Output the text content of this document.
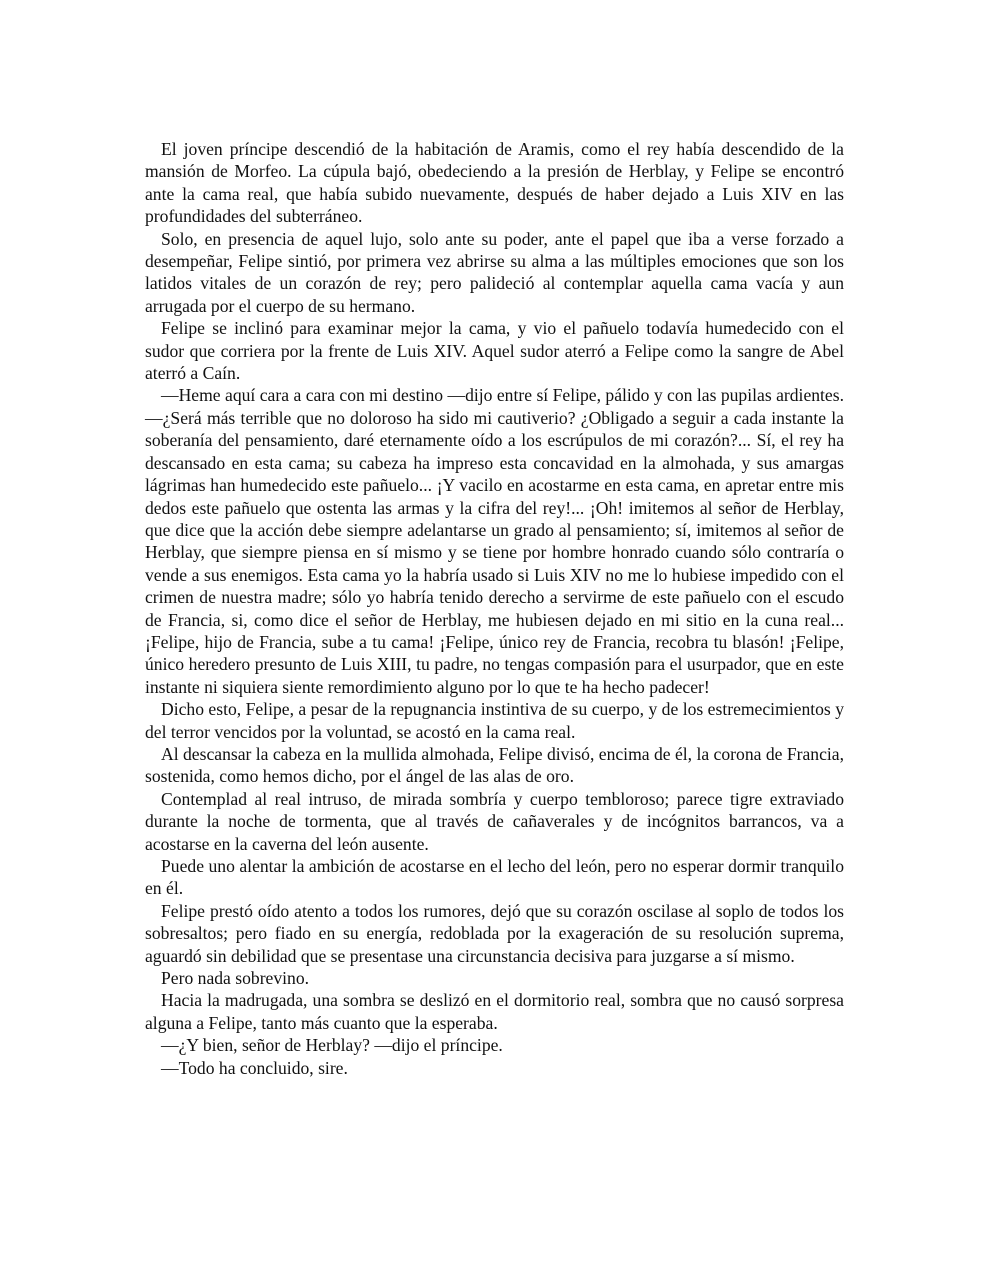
El joven príncipe descendió de la habitación de Aramis, como el rey había descendido de la mansión de Morfeo. La cúpula bajó, obedeciendo a la presión de Herblay, y Felipe se encontró ante la cama real, que había subido nuevamente, después de haber dejado a Luis XIV en las profundidades del subterráneo.

Solo, en presencia de aquel lujo, solo ante su poder, ante el papel que iba a verse forzado a desempeñar, Felipe sintió, por primera vez abrirse su alma a las múltiples emociones que son los latidos vitales de un corazón de rey; pero palideció al contemplar aquella cama vacía y aun arrugada por el cuerpo de su hermano.

Felipe se inclinó para examinar mejor la cama, y vio el pañuelo todavía humedecido con el sudor que corriera por la frente de Luis XIV. Aquel sudor aterró a Felipe como la sangre de Abel aterró a Caín.

—Heme aquí cara a cara con mi destino —dijo entre sí Felipe, pálido y con las pupilas ardientes. —¿Será más terrible que no doloroso ha sido mi cautiverio? ¿Obligado a seguir a cada instante la soberanía del pensamiento, daré eternamente oído a los escrúpulos de mi corazón?... Sí, el rey ha descansado en esta cama; su cabeza ha impreso esta concavidad en la almohada, y sus amargas lágrimas han humedecido este pañuelo... ¡Y vacilo en acostarme en esta cama, en apretar entre mis dedos este pañuelo que ostenta las armas y la cifra del rey!... ¡Oh! imitemos al señor de Herblay, que dice que la acción debe siempre adelantarse un grado al pensamiento; sí, imitemos al señor de Herblay, que siempre piensa en sí mismo y se tiene por hombre honrado cuando sólo contraría o vende a sus enemigos. Esta cama yo la habría usado si Luis XIV no me lo hubiese impedido con el crimen de nuestra madre; sólo yo habría tenido derecho a servirme de este pañuelo con el escudo de Francia, si, como dice el señor de Herblay, me hubiesen dejado en mi sitio en la cuna real... ¡Felipe, hijo de Francia, sube a tu cama! ¡Felipe, único rey de Francia, recobra tu blasón! ¡Felipe, único heredero presunto de Luis XIII, tu padre, no tengas compasión para el usurpador, que en este instante ni siquiera siente remordimiento alguno por lo que te ha hecho padecer!

Dicho esto, Felipe, a pesar de la repugnancia instintiva de su cuerpo, y de los estremecimientos y del terror vencidos por la voluntad, se acostó en la cama real.

Al descansar la cabeza en la mullida almohada, Felipe divisó, encima de él, la corona de Francia, sostenida, como hemos dicho, por el ángel de las alas de oro.

Contemplad al real intruso, de mirada sombría y cuerpo tembloroso; parece tigre extraviado durante la noche de tormenta, que al través de cañaverales y de incógnitos barrancos, va a acostarse en la caverna del león ausente.

Puede uno alentar la ambición de acostarse en el lecho del león, pero no esperar dormir tranquilo en él.

Felipe prestó oído atento a todos los rumores, dejó que su corazón oscilase al soplo de todos los sobresaltos; pero fiado en su energía, redoblada por la exageración de su resolución suprema, aguardó sin debilidad que se presentase una circunstancia decisiva para juzgarse a sí mismo.

Pero nada sobrevino.

Hacia la madrugada, una sombra se deslizó en el dormitorio real, sombra que no causó sorpresa alguna a Felipe, tanto más cuanto que la esperaba.

—¿Y bien, señor de Herblay? —dijo el príncipe.

—Todo ha concluido, sire.
